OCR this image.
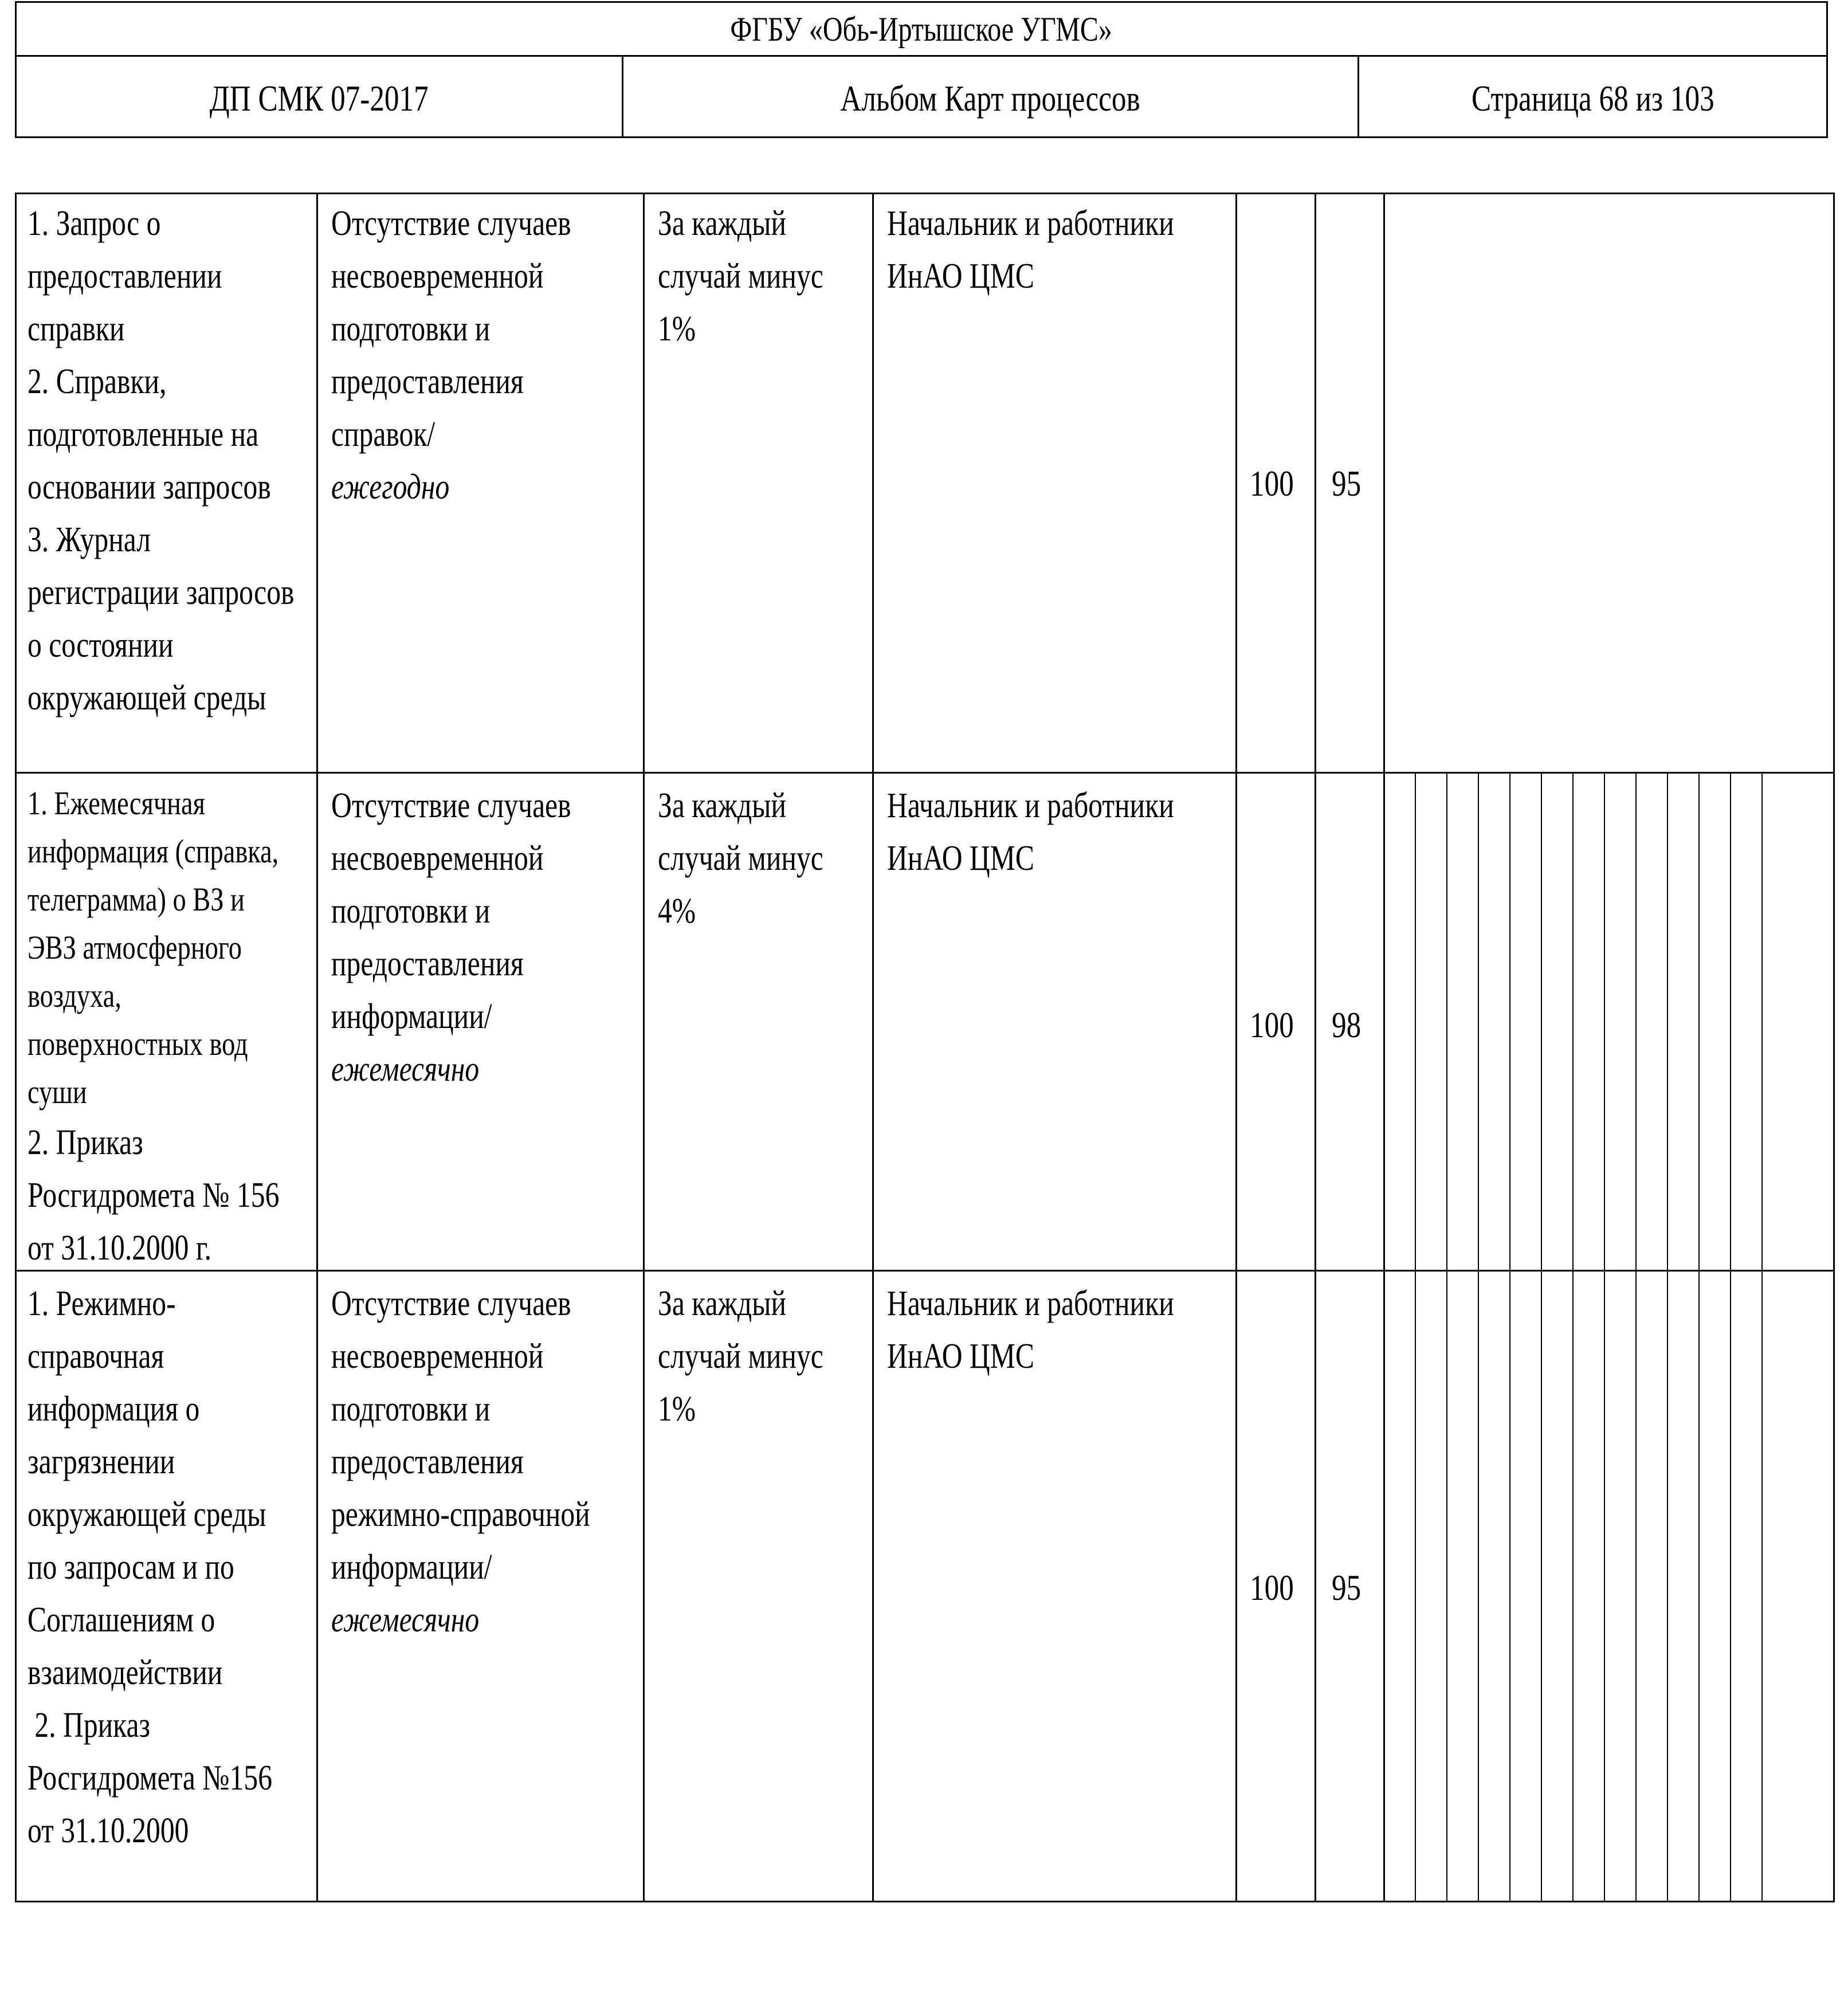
ФГБУ «Обь-Иртышское УГМС»
ДП СМК 07-2017	Альбом Карт процессов	Страница 68 из 103
1. Запрос о
предоставлении
справки
2. Справки,
подготовленные на
основании запросов
3. Журнал
регистрации запросов
о состоянии
окружающей среды
Отсутствие случаев
несвоевременной
подготовки и
предоставления
справок/
ежегодно
За каждый
случай минус
1%
Начальник и работники
ИнАО ЦМС
100 95
1. Ежемесячная
информация (справка,
телеграмма) о ВЗ и
ЭВЗ атмосферного
воздуха,
поверхностных вод
суши
2. Приказ
Росгидромета № 156
от 31.10.2000 г.
Отсутствие случаев
несвоевременной
подготовки и
предоставления
информации/
ежемесячно
За каждый
случай минус
4%
Начальник и работники
ИнАО ЦМС
100 98
1. Режимно-
справочная
информация о
загрязнении
окружающей среды
по запросам и по
Соглашениям о
взаимодействии
2. Приказ
Росгидромета №156
от 31.10.2000
Отсутствие случаев
несвоевременной
подготовки и
предоставления
режимно-справочной
информации/
ежемесячно
За каждый
случай минус
1%
Начальник и работники
ИнАО ЦМС
100 95
